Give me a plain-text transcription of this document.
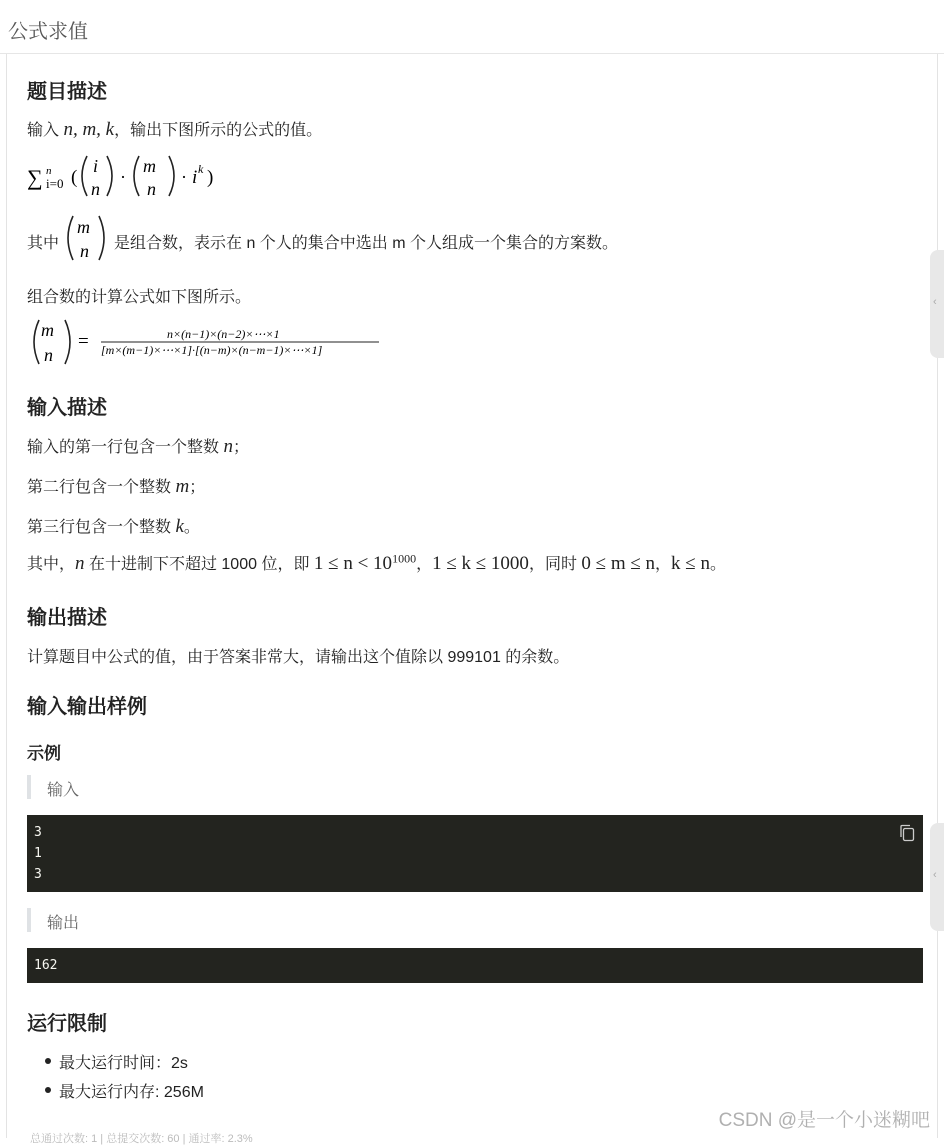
公式求值
题目描述

输入 n, m, k，输出下图所示的公式的值。

∑ n
i=0 (
i
n
·
m
n
· i k )
其中
m
n 是组合数，表示在 n 个人的集合中选出 m 个人组成一个集合的方案数。

组合数的计算公式如下图所示。

m
n
=	n×(n−1)×(n−2)×⋯×1
[m×(m−1)×⋯×1]·[(n−m)×(n−m−1)×⋯×1]
输入描述

输入的第一行包含一个整数 n；

第二行包含一个整数 m；

第三行包含一个整数 k。

其中，n 在十进制下不超过 1000 位，即 $1 \le n < 10^{1000}$，1 ≤ k ≤ 1000，同时 0 ≤ m ≤ n，k ≤ n。

输出描述

计算题目中公式的值，由于答案非常大，请输出这个值除以 999101 的余数。

输入输出样例
示例
输入
3
1
3
输出
162
运行限制
最大运行时间：2s
最大运行内存: 256M
‹
‹
CSDN @是一个小迷糊吧
总通过次数: 1 | 总提交次数: 60 | 通过率: 2.3%
